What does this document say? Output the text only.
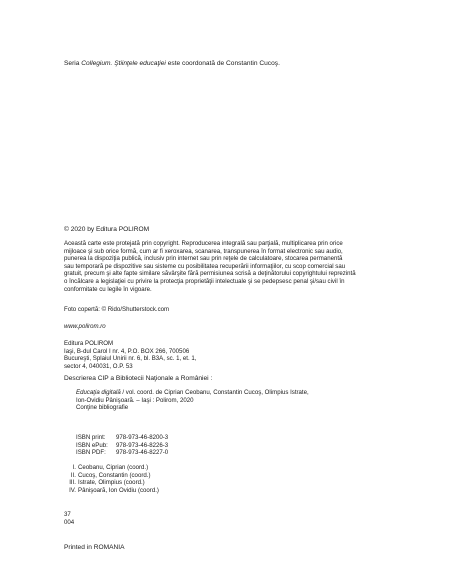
Seria Collegium. Ştiinţele educaţiei este coordonată de Constantin Cucoş.
© 2020 by Editura POLIROM

Această carte este protejată prin copyright. Reproducerea integrală sau parţială, multiplicarea prin orice

mijloace şi sub orice formă, cum ar fi xeroxarea, scanarea, transpunerea în format electronic sau audio,

punerea la dispoziţia publică, inclusiv prin internet sau prin reţele de calculatoare, stocarea permanentă

sau temporară pe dispozitive sau sisteme cu posibilitatea recuperării informaţiilor, cu scop comercial sau

gratuit, precum şi alte fapte similare săvârşite fără permisiunea scrisă a deţinătorului copyrightului reprezintă

o încălcare a legislaţiei cu privire la protecţia proprietăţii intelectuale şi se pedepsesc penal şi/sau civil în

conformitate cu legile în vigoare.

Foto copertă: © Rido/Shutterstock.com
www.polirom.ro

Editura POLIROM

Iaşi, B-dul Carol I nr. 4, P.O. BOX 266, 700506

Bucureşti, Splaiul Unirii nr. 6, bl. B3A, sc. 1, et. 1,

sector 4, 040031, O.P. 53

Descrierea CIP a Bibliotecii Naţionale a României :

Educaţia digitală / vol. coord. de Ciprian Ceobanu, Constantin Cucoş, Olimpius Istrate,

Ion-Ovidiu Pânişoară. – Iaşi : Polirom, 2020

Conţine bibliografie

ISBN print:	978-973-46-8200-3
ISBN ePub:	978-973-46-8226-3
ISBN PDF:	978-973-46-8227-0
I. Ceobanu, Ciprian (coord.)
II. Cucoş, Constantin (coord.)
III. Istrate, Olimpius (coord.)
IV. Pânişoară, Ion Ovidiu (coord.)

37

004

Printed in ROMANIA
